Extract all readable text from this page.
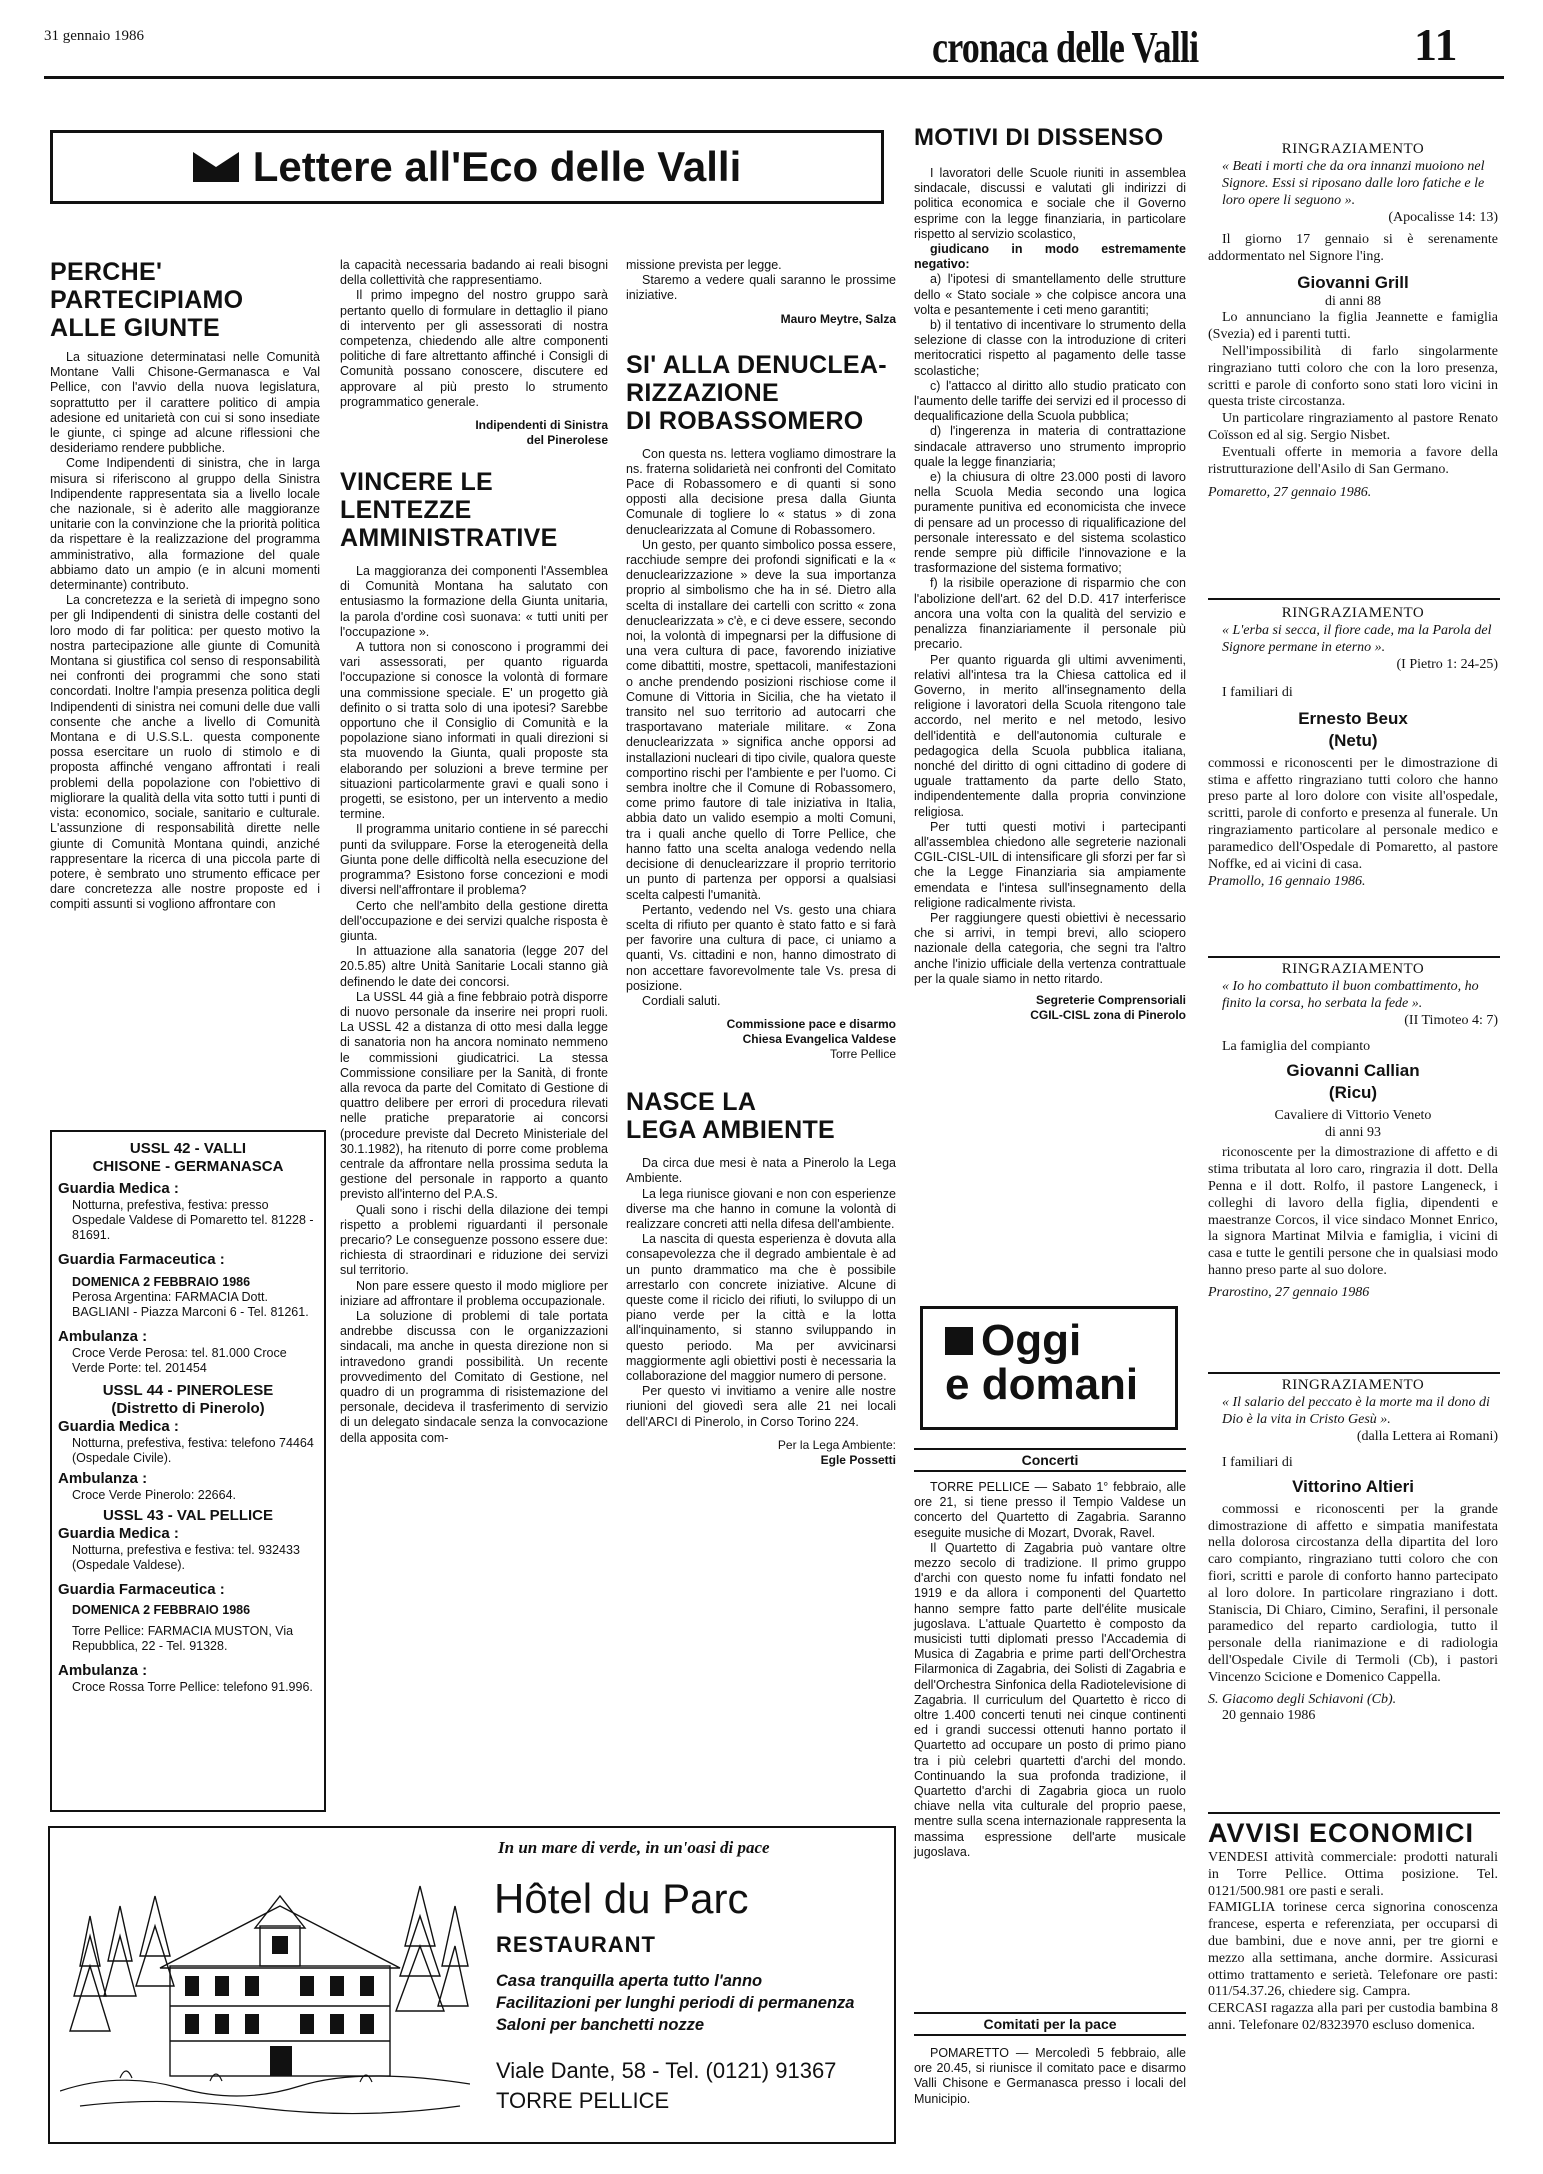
31 gennaio 1986	cronaca delle Valli	11
Lettere all'Eco delle Valli
PERCHE'
PARTECIPIAMO
ALLE GIUNTE

La situazione determinatasi nelle Comunità Montane Valli Chisone-Germanasca e Val Pellice, con l'avvio della nuova legislatura, soprattutto per il carattere politico di ampia adesione ed unitarietà con cui si sono insediate le giunte, ci spinge ad alcune riflessioni che desideriamo rendere pubbliche.

Come Indipendenti di sinistra, che in larga misura si riferiscono al gruppo della Sinistra Indipendente rappresentata sia a livello locale che nazionale, si è aderito alle maggioranze unitarie con la convinzione che la priorità politica da rispettare è la realizzazione del programma amministrativo, alla formazione del quale abbiamo dato un ampio (e in alcuni momenti determinante) contributo.

La concretezza e la serietà di impegno sono per gli Indipendenti di sinistra delle costanti del loro modo di far politica: per questo motivo la nostra partecipazione alle giunte di Comunità Montana si giustifica col senso di responsabilità nei confronti dei programmi che sono stati concordati. Inoltre l'ampia presenza politica degli Indipendenti di sinistra nei comuni delle due valli consente che anche a livello di Comunità Montana e di U.S.S.L. questa componente possa esercitare un ruolo di stimolo e di proposta affinché vengano affrontati i reali problemi della popolazione con l'obiettivo di migliorare la qualità della vita sotto tutti i punti di vista: economico, sociale, sanitario e culturale. L'assunzione di responsabilità dirette nelle giunte di Comunità Montana quindi, anziché rappresentare la ricerca di una piccola parte di potere, è sembrato uno strumento efficace per dare concretezza alle nostre proposte ed i compiti assunti si vogliono affrontare con

USSL 42 - VALLI
CHISONE - GERMANASCA
Guardia Medica :
Notturna, prefestiva, festiva: presso Ospedale Valdese di Pomaretto tel. 81228 - 81691.
Guardia Farmaceutica :
DOMENICA 2 FEBBRAIO 1986
Perosa Argentina: FARMACIA Dott. BAGLIANI - Piazza Marconi 6 - Tel. 81261.
Ambulanza :
Croce Verde Perosa: tel. 81.000 Croce Verde Porte: tel. 201454
USSL 44 - PINEROLESE
(Distretto di Pinerolo)
Guardia Medica :
Notturna, prefestiva, festiva: telefono 74464 (Ospedale Civile).
Ambulanza :
Croce Verde Pinerolo: 22664.
USSL 43 - VAL PELLICE
Guardia Medica :
Notturna, prefestiva e festiva: tel. 932433 (Ospedale Valdese).
Guardia Farmaceutica :
DOMENICA 2 FEBBRAIO 1986
Torre Pellice: FARMACIA MUSTON, Via Repubblica, 22 - Tel. 91328.
Ambulanza :
Croce Rossa Torre Pellice: telefono 91.996.

la capacità necessaria badando ai reali bisogni della collettività che rappresentiamo.

Il primo impegno del nostro gruppo sarà pertanto quello di formulare in dettaglio il piano di intervento per gli assessorati di nostra competenza, chiedendo alle altre componenti politiche di fare altrettanto affinché i Consigli di Comunità possano conoscere, discutere ed approvare al più presto lo strumento programmatico generale.

Indipendenti di Sinistra
del Pinerolese
VINCERE LE
LENTEZZE
AMMINISTRATIVE

La maggioranza dei componenti l'Assemblea di Comunità Montana ha salutato con entusiasmo la formazione della Giunta unitaria, la parola d'ordine così suonava: « tutti uniti per l'occupazione ».

A tuttora non si conoscono i programmi dei vari assessorati, per quanto riguarda l'occupazione si conosce la volontà di formare una commissione speciale. E' un progetto già definito o si tratta solo di una ipotesi? Sarebbe opportuno che il Consiglio di Comunità e la popolazione siano informati in quali direzioni si sta muovendo la Giunta, quali proposte sta elaborando per soluzioni a breve termine per situazioni particolarmente gravi e quali sono i progetti, se esistono, per un intervento a medio termine.

Il programma unitario contiene in sé parecchi punti da sviluppare. Forse la eterogeneità della Giunta pone delle difficoltà nella esecuzione del programma? Esistono forse concezioni e modi diversi nell'affrontare il problema?

Certo che nell'ambito della gestione diretta dell'occupazione e dei servizi qualche risposta è giunta.

In attuazione alla sanatoria (legge 207 del 20.5.85) altre Unità Sanitarie Locali stanno già definendo le date dei concorsi.

La USSL 44 già a fine febbraio potrà disporre di nuovo personale da inserire nei propri ruoli. La USSL 42 a distanza di otto mesi dalla legge di sanatoria non ha ancora nominato nemmeno le commissioni giudicatrici. La stessa Commissione consiliare per la Sanità, di fronte alla revoca da parte del Comitato di Gestione di quattro delibere per errori di procedura rilevati nelle pratiche preparatorie ai concorsi (procedure previste dal Decreto Ministeriale del 30.1.1982), ha ritenuto di porre come problema centrale da affrontare nella prossima seduta la gestione del personale in rapporto a quanto previsto all'interno del P.A.S.

Quali sono i rischi della dilazione dei tempi rispetto a problemi riguardanti il personale precario? Le conseguenze possono essere due: richiesta di straordinari e riduzione dei servizi sul territorio.

Non pare essere questo il modo migliore per iniziare ad affrontare il problema occupazionale.

La soluzione di problemi di tale portata andrebbe discussa con le organizzazioni sindacali, ma anche in questa direzione non si intravedono grandi possibilità. Un recente provvedimento del Comitato di Gestione, nel quadro di un programma di risistemazione del personale, decideva il trasferimento di servizio di un delegato sindacale senza la convocazione della apposita com-

missione prevista per legge.

Staremo a vedere quali saranno le prossime iniziative.

Mauro Meytre, Salza
SI' ALLA DENUCLEA-
RIZZAZIONE
DI ROBASSOMERO

Con questa ns. lettera vogliamo dimostrare la ns. fraterna solidarietà nei confronti del Comitato Pace di Robassomero e di quanti si sono opposti alla decisione presa dalla Giunta Comunale di togliere lo « status » di zona denuclearizzata al Comune di Robassomero.

Un gesto, per quanto simbolico possa essere, racchiude sempre dei profondi significati e la « denuclearizzazione » deve la sua importanza proprio al simbolismo che ha in sé. Dietro alla scelta di installare dei cartelli con scritto « zona denuclearizzata » c'è, e ci deve essere, secondo noi, la volontà di impegnarsi per la diffusione di una vera cultura di pace, favorendo iniziative come dibattiti, mostre, spettacoli, manifestazioni o anche prendendo posizioni rischiose come il Comune di Vittoria in Sicilia, che ha vietato il transito nel suo territorio ad autocarri che trasportavano materiale militare. « Zona denuclearizzata » significa anche opporsi ad installazioni nucleari di tipo civile, qualora queste comportino rischi per l'ambiente e per l'uomo. Ci sembra inoltre che il Comune di Robassomero, come primo fautore di tale iniziativa in Italia, abbia dato un valido esempio a molti Comuni, tra i quali anche quello di Torre Pellice, che hanno fatto una scelta analoga vedendo nella decisione di denuclearizzare il proprio territorio un punto di partenza per opporsi a qualsiasi scelta calpesti l'umanità.

Pertanto, vedendo nel Vs. gesto una chiara scelta di rifiuto per quanto è stato fatto e si farà per favorire una cultura di pace, ci uniamo a quanti, Vs. cittadini e non, hanno dimostrato di non accettare favorevolmente tale Vs. presa di posizione.

Cordiali saluti.

Commissione pace e disarmo
Chiesa Evangelica Valdese
Torre Pellice
NASCE LA
LEGA AMBIENTE

Da circa due mesi è nata a Pinerolo la Lega Ambiente.

La lega riunisce giovani e non con esperienze diverse ma che hanno in comune la volontà di realizzare concreti atti nella difesa dell'ambiente.

La nascita di questa esperienza è dovuta alla consapevolezza che il degrado ambientale è ad un punto drammatico ma che è possibile arrestarlo con concrete iniziative. Alcune di queste come il riciclo dei rifiuti, lo sviluppo di un piano verde per la città e la lotta all'inquinamento, si stanno sviluppando in questo periodo. Ma per avvicinarsi maggiormente agli obiettivi posti è necessaria la collaborazione del maggior numero di persone.

Per questo vi invitiamo a venire alle nostre riunioni del giovedì sera alle 21 nei locali dell'ARCI di Pinerolo, in Corso Torino 224.

Per la Lega Ambiente:
Egle Possetti
MOTIVI DI DISSENSO

I lavoratori delle Scuole riuniti in assemblea sindacale, discussi e valutati gli indirizzi di politica economica e sociale che il Governo esprime con la legge finanziaria, in particolare rispetto al servizio scolastico,

giudicano in modo estremamente negativo:

a) l'ipotesi di smantellamento delle strutture dello « Stato sociale » che colpisce ancora una volta e pesantemente i ceti meno garantiti;

b) il tentativo di incentivare lo strumento della selezione di classe con la introduzione di criteri meritocratici rispetto al pagamento delle tasse scolastiche;

c) l'attacco al diritto allo studio praticato con l'aumento delle tariffe dei servizi ed il processo di dequalificazione della Scuola pubblica;

d) l'ingerenza in materia di contrattazione sindacale attraverso uno strumento improprio quale la legge finanziaria;

e) la chiusura di oltre 23.000 posti di lavoro nella Scuola Media secondo una logica puramente punitiva ed economicista che invece di pensare ad un processo di riqualificazione del personale interessato e del sistema scolastico rende sempre più difficile l'innovazione e la trasformazione del sistema formativo;

f) la risibile operazione di risparmio che con l'abolizione dell'art. 62 del D.D. 417 interferisce ancora una volta con la qualità del servizio e penalizza finanziariamente il personale più precario.

Per quanto riguarda gli ultimi avvenimenti, relativi all'intesa tra la Chiesa cattolica ed il Governo, in merito all'insegnamento della religione i lavoratori della Scuola ritengono tale accordo, nel merito e nel metodo, lesivo dell'identità e dell'autonomia culturale e pedagogica della Scuola pubblica italiana, nonché del diritto di ogni cittadino di godere di uguale trattamento da parte dello Stato, indipendentemente dalla propria convinzione religiosa.

Per tutti questi motivi i partecipanti all'assemblea chiedono alle segreterie nazionali CGIL-CISL-UIL di intensificare gli sforzi per far sì che la Legge Finanziaria sia ampiamente emendata e l'intesa sull'insegnamento della religione radicalmente rivista.

Per raggiungere questi obiettivi è necessario che si arrivi, in tempi brevi, allo sciopero nazionale della categoria, che segni tra l'altro anche l'inizio ufficiale della vertenza contrattuale per la quale siamo in netto ritardo.

Segreterie Comprensoriali
CGIL-CISL zona di Pinerolo
Oggi
e domani
Concerti

TORRE PELLICE — Sabato 1° febbraio, alle ore 21, si tiene presso il Tempio Valdese un concerto del Quartetto di Zagabria. Saranno eseguite musiche di Mozart, Dvorak, Ravel.

Il Quartetto di Zagabria può vantare oltre mezzo secolo di tradizione. Il primo gruppo d'archi con questo nome fu infatti fondato nel 1919 e da allora i componenti del Quartetto hanno sempre fatto parte dell'élite musicale jugoslava. L'attuale Quartetto è composto da musicisti tutti diplomati presso l'Accademia di Musica di Zagabria e prime parti dell'Orchestra Filarmonica di Zagabria, dei Solisti di Zagabria e dell'Orchestra Sinfonica della Radiotelevisione di Zagabria. Il curriculum del Quartetto è ricco di oltre 1.400 concerti tenuti nei cinque continenti ed i grandi successi ottenuti hanno portato il Quartetto ad occupare un posto di primo piano tra i più celebri quartetti d'archi del mondo. Continuando la sua profonda tradizione, il Quartetto d'archi di Zagabria gioca un ruolo chiave nella vita culturale del proprio paese, mentre sulla scena internazionale rappresenta la massima espressione dell'arte musicale jugoslava.

Comitati per la pace

POMARETTO — Mercoledì 5 febbraio, alle ore 20.45, si riunisce il comitato pace e disarmo Valli Chisone e Germanasca presso i locali del Municipio.

RINGRAZIAMENTO
« Beati i morti che da ora innanzi muoiono nel Signore. Essi si riposano dalle loro fatiche e le loro opere li seguono ».
(Apocalisse 14: 13)

Il giorno 17 gennaio si è serenamente addormentato nel Signore l'ing.

Giovanni Grill
di anni 88

Lo annunciano la figlia Jeannette e famiglia (Svezia) ed i parenti tutti.

Nell'impossibilità di farlo singolarmente ringraziano tutti coloro che con la loro presenza, scritti e parole di conforto sono stati loro vicini in questa triste circostanza.

Un particolare ringraziamento al pastore Renato Coïsson ed al sig. Sergio Nisbet.

Eventuali offerte in memoria a favore della ristrutturazione dell'Asilo di San Germano.

Pomaretto, 27 gennaio 1986.
RINGRAZIAMENTO
« L'erba si secca, il fiore cade, ma la Parola del Signore permane in eterno ».
(I Pietro 1: 24-25)

I familiari di

Ernesto Beux
(Netu)

commossi e riconoscenti per le dimostrazione di stima e affetto ringraziano tutti coloro che hanno preso parte al loro dolore con visite all'ospedale, scritti, parole di conforto e presenza al funerale. Un ringraziamento particolare al personale medico e paramedico dell'Ospedale di Pomaretto, al pastore Noffke, ed ai vicini di casa.

Pramollo, 16 gennaio 1986.
RINGRAZIAMENTO
« Io ho combattuto il buon combattimento, ho finito la corsa, ho serbata la fede ».
(II Timoteo 4: 7)

La famiglia del compianto

Giovanni Callian
(Ricu)
Cavaliere di Vittorio Veneto
di anni 93

riconoscente per la dimostrazione di affetto e di stima tributata al loro caro, ringrazia il dott. Della Penna e il dott. Rolfo, il pastore Langeneck, i colleghi di lavoro della figlia, dipendenti e maestranze Corcos, il vice sindaco Monnet Enrico, la signora Martinat Milvia e famiglia, i vicini di casa e tutte le gentili persone che in qualsiasi modo hanno preso parte al suo dolore.

Prarostino, 27 gennaio 1986
RINGRAZIAMENTO
« Il salario del peccato è la morte ma il dono di Dio è la vita in Cristo Gesù ».
(dalla Lettera ai Romani)

I familiari di

Vittorino Altieri

commossi e riconoscenti per la grande dimostrazione di affetto e simpatia manifestata nella dolorosa circostanza della dipartita del loro caro compianto, ringraziano tutti coloro che con fiori, scritti e parole di conforto hanno partecipato al loro dolore. In particolare ringraziano i dott. Staniscia, Di Chiaro, Cimino, Serafini, il personale paramedico del reparto cardiologia, tutto il personale della rianimazione e di radiologia dell'Ospedale Civile di Termoli (Cb), i pastori Vincenzo Scicione e Domenico Cappella.

S. Giacomo degli Schiavoni (Cb).
20 gennaio 1986
AVVISI ECONOMICI

VENDESI attività commerciale: prodotti naturali in Torre Pellice. Ottima posizione. Tel. 0121/500.981 ore pasti e serali.

FAMIGLIA torinese cerca signorina conoscenza francese, esperta e referenziata, per occuparsi di due bambini, due e nove anni, per tre giorni e mezzo alla settimana, anche dormire. Assicurasi ottimo trattamento e serietà. Telefonare ore pasti: 011/54.37.26, chiedere sig. Campra.

CERCASI ragazza alla pari per custodia bambina 8 anni. Telefonare 02/8323970 escluso domenica.

In un mare di verde, in un'oasi di pace
Hôtel du Parc
RESTAURANT
Casa tranquilla aperta tutto l'anno
Facilitazioni per lunghi periodi di permanenza
Saloni per banchetti nozze
Viale Dante, 58 - Tel. (0121) 91367
TORRE PELLICE
